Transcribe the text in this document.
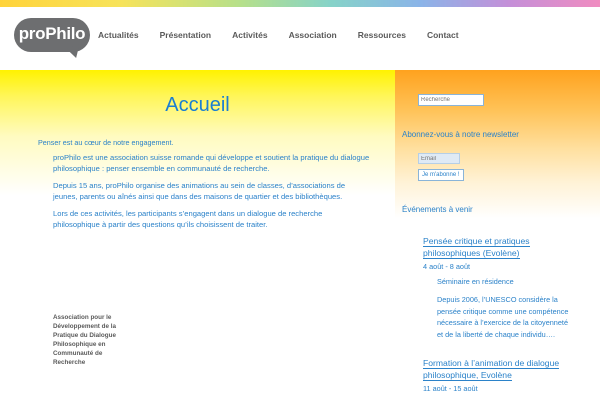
proPhilo	Actualités Présentation Activités Association Ressources Contact
Accueil
Penser est au cœur de notre engagement.

proPhilo est une association suisse romande qui développe et soutient la pratique du dialogue philosophique : penser ensemble en communauté de recherche.

Depuis 15 ans, proPhilo organise des animations au sein de classes, d’associations de jeunes, parents ou aînés ainsi que dans des maisons de quartier et des bibliothèques.

Lors de ces activités, les participants s’engagent dans un dialogue de recherche philosophique à partir des questions qu’ils choisissent de traiter.

Association pour le Développement de la Pratique du Dialogue Philosophique en Communauté de Recherche
Recherche
Abonnez-vous à notre newsletter
Email
Je m'abonne !
Événements à venir
Pensée critique et pratiques philosophiques (Evolène)
4 août - 8 août
Séminaire en résidence
Depuis 2006, l’UNESCO considère la pensée critique comme une compétence nécessaire à l’exercice de la citoyenneté et de la liberté de chaque individu….
Formation à l’animation de dialogue philosophique, Evolène
11 août - 15 août
